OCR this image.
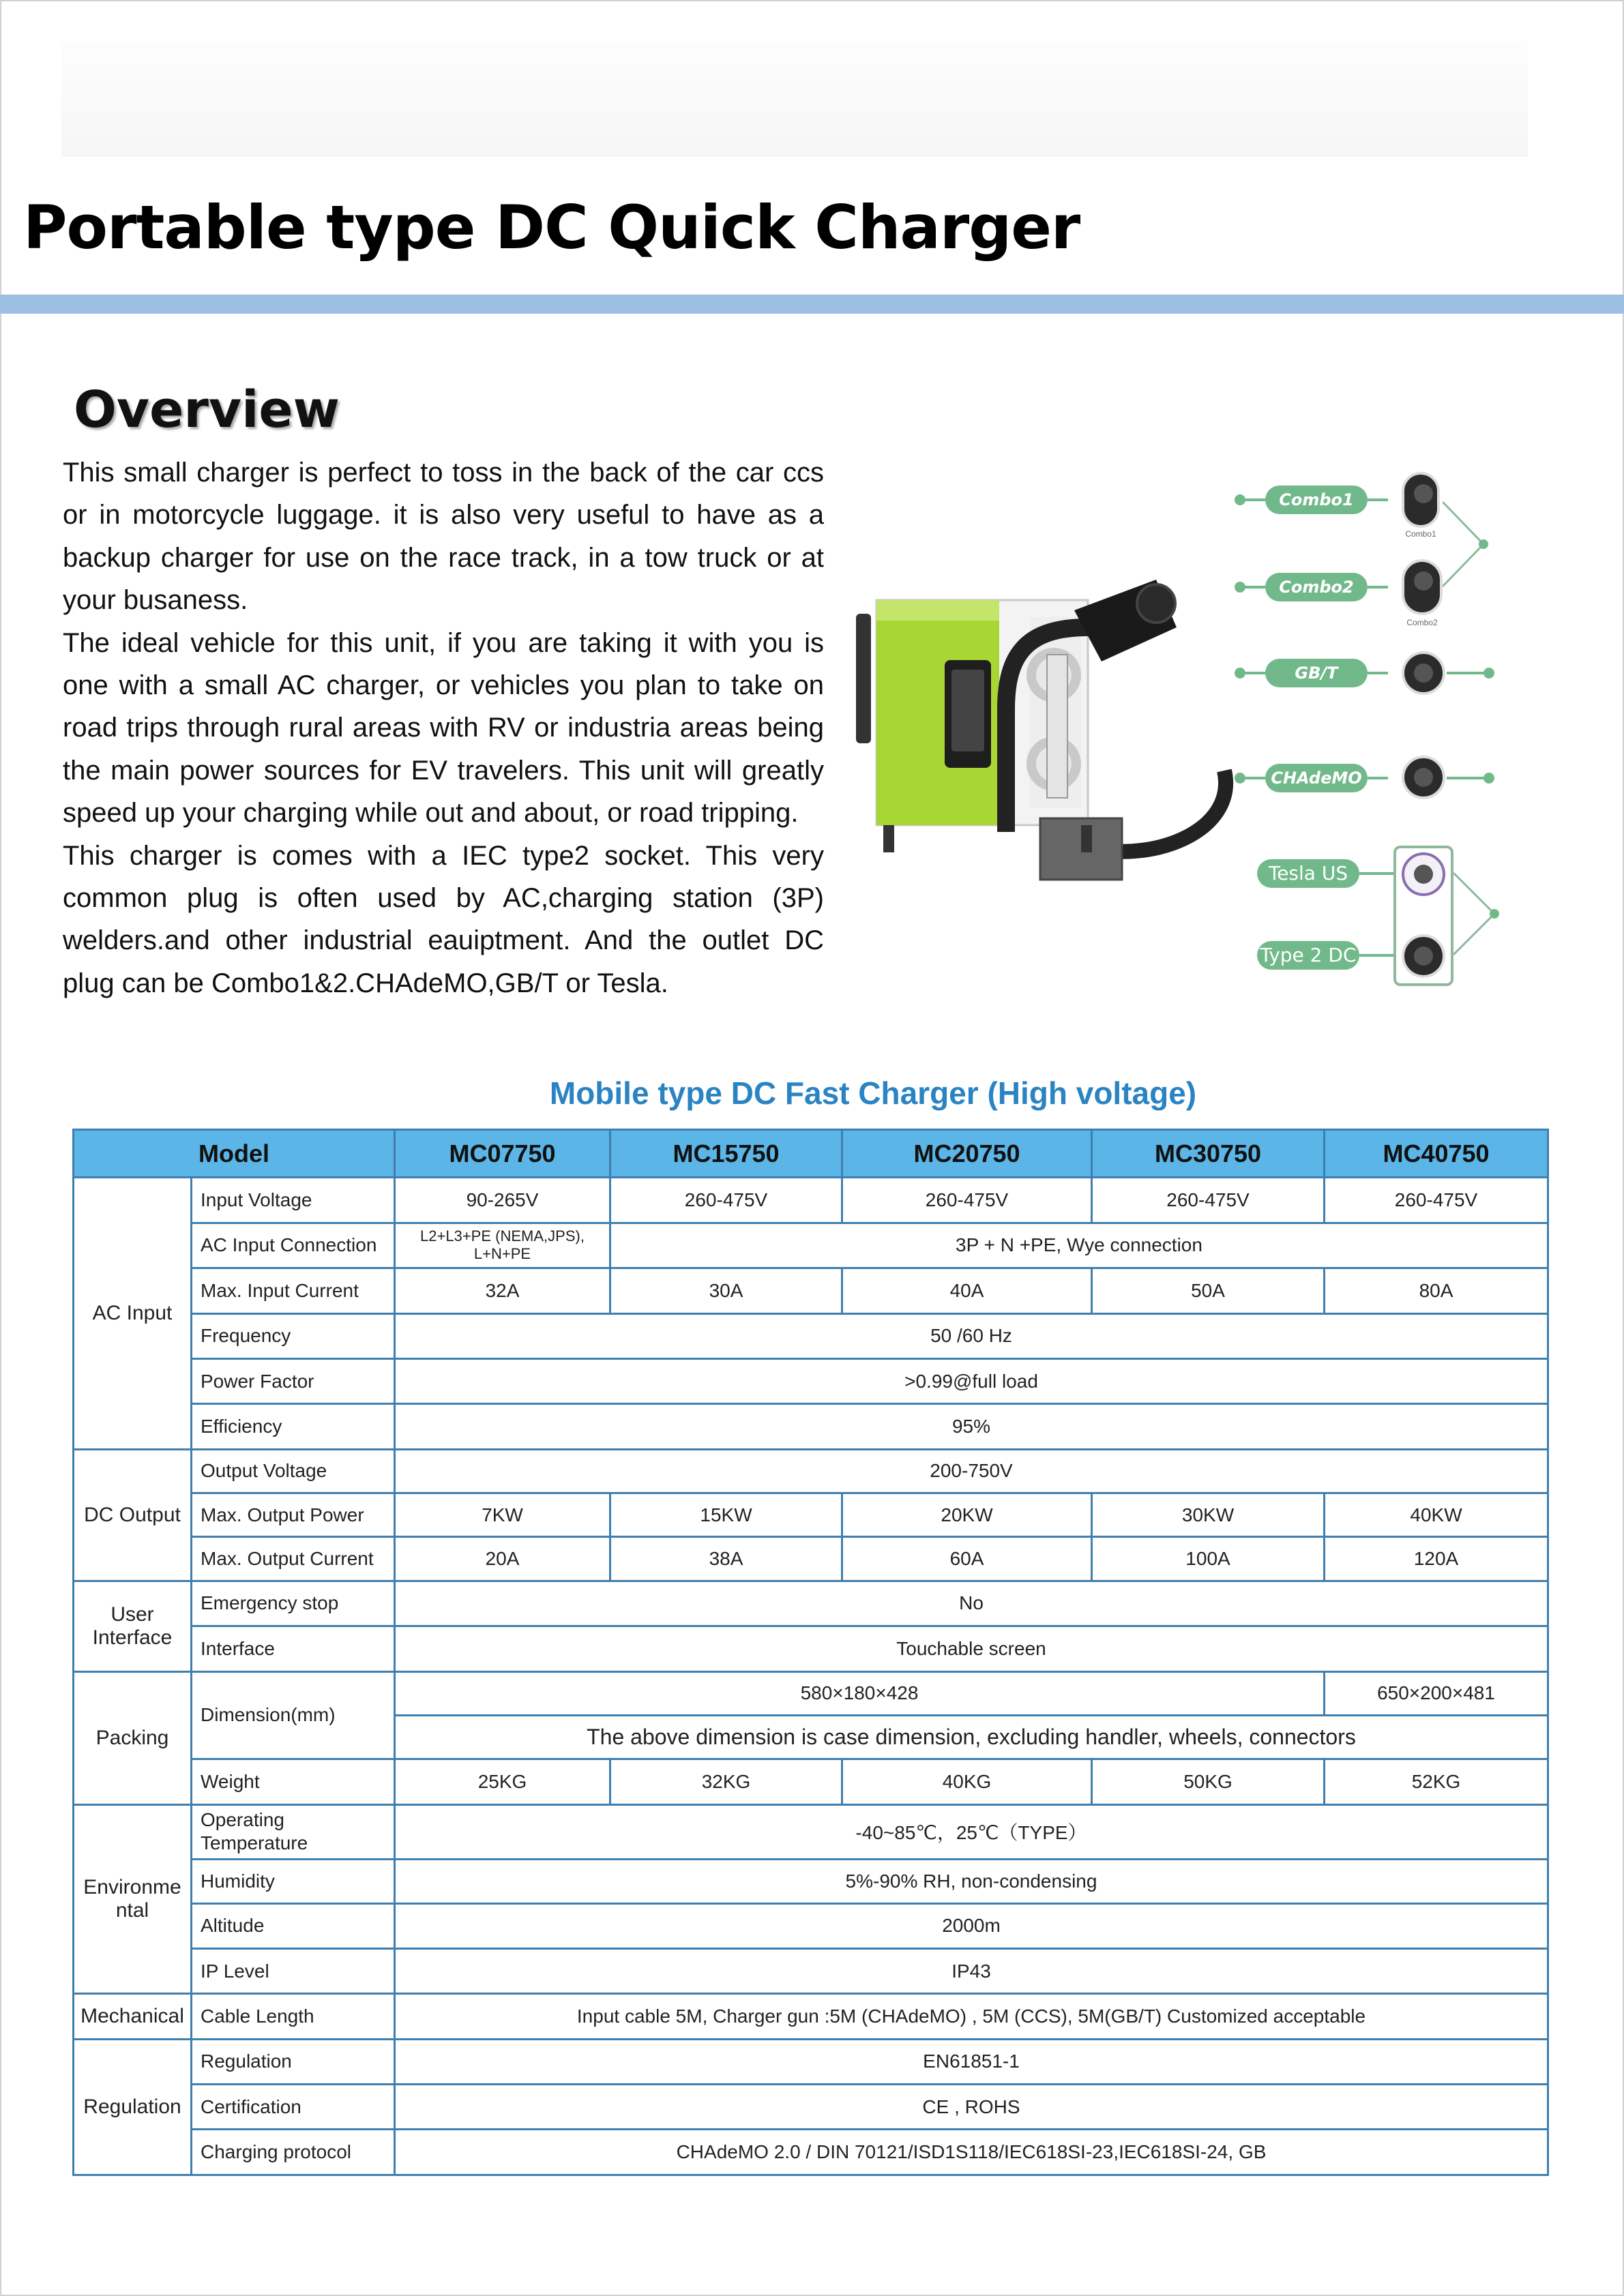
Portable type DC Quick Charger
Overview

This small charger is perfect to toss in the back of the car ccs or in motorcycle luggage. it is also very useful to have as a backup charger for use on the race track, in a tow truck or at your busaness.

The ideal vehicle for this unit, if you are taking it with you is one with a small AC charger, or vehicles you plan to take on road trips through rural areas with RV or industria areas being the main power sources for EV travelers. This unit will greatly speed up your charging while out and about, or road tripping.

This charger is comes with a IEC type2 socket. This very common plug is often used by AC,charging station (3P) welders.and other industrial eauiptment. And the outlet DC plug can be Combo1&2.CHAdeMO,GB/T or Tesla.

Combo1
Combo1
Combo2
Combo2
GB/T
CHAdeMO
Tesla US
Type 2 DC
Mobile type DC Fast Charger (High voltage)
Model		MC07750	MC15750	MC20750	MC30750	MC40750
AC Input	Input Voltage	90-265V	260-475V	260-475V	260-475V	260-475V
	AC Input Connection	L2+L3+PE (NEMA,JPS), L+N+PE	3P + N +PE, Wye connection			
	Max. Input Current	32A	30A	40A	50A	80A
	Frequency	50 /60 Hz				
	Power Factor	>0.99@full load				
	Efficiency	95%				
DC Output	Output Voltage	200-750V				
	Max. Output Power	7KW	15KW	20KW	30KW	40KW
	Max. Output Current	20A	38A	60A	100A	120A
User Interface	Emergency stop	No				
	Interface	Touchable screen				
Packing	Dimension(mm)	580×180×428				650×200×481
		The above dimension is case dimension, excluding handler, wheels, connectors				
	Weight	25KG	32KG	40KG	50KG	52KG
Environme ntal	Operating Temperature	-40~85℃，25℃（TYPE）				
	Humidity	5%-90% RH, non-condensing				
	Altitude	2000m				
	IP Level	IP43				
Mechanical	Cable Length	Input cable 5M, Charger gun :5M (CHAdeMO) , 5M (CCS), 5M(GB/T) Customized acceptable				
Regulation	Regulation	EN61851-1				
	Certification	CE , ROHS				
	Charging protocol	CHAdeMO 2.0 / DIN 70121/ISD1S118/IEC618SI-23,IEC618SI-24, GB				
